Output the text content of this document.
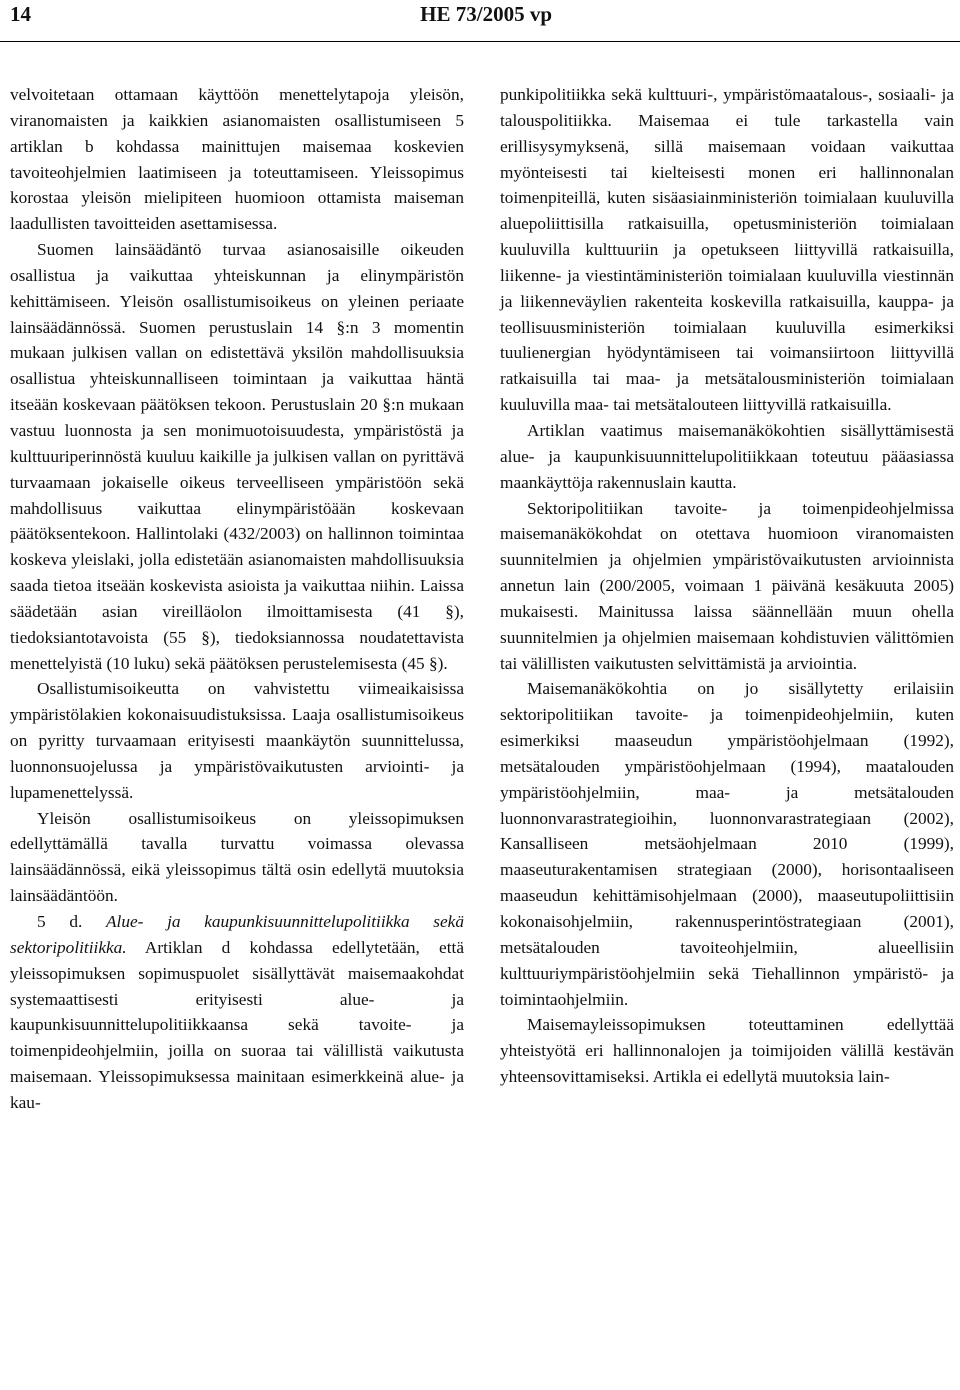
14	HE 73/2005 vp

velvoitetaan ottamaan käyttöön menettelytapoja yleisön, viranomaisten ja kaikkien asianomaisten osallistumiseen 5 artiklan b kohdassa mainittujen maisemaa koskevien tavoiteohjelmien laatimiseen ja toteuttamiseen. Yleissopimus korostaa yleisön mielipiteen huomioon ottamista maiseman laadullisten tavoitteiden asettamisessa.

Suomen lainsäädäntö turvaa asianosaisille oikeuden osallistua ja vaikuttaa yhteiskunnan ja elinympäristön kehittämiseen. Yleisön osallistumisoikeus on yleinen periaate lainsäädännössä. Suomen perustuslain 14 §:n 3 momentin mukaan julkisen vallan on edistettävä yksilön mahdollisuuksia osallistua yhteiskunnalliseen toimintaan ja vaikuttaa häntä itseään koskevaan päätöksen tekoon. Perustuslain 20 §:n mukaan vastuu luonnosta ja sen monimuotoisuudesta, ympäristöstä ja kulttuuriperinnöstä kuuluu kaikille ja julkisen vallan on pyrittävä turvaamaan jokaiselle oikeus terveelliseen ympäristöön sekä mahdollisuus vaikuttaa elinympäristöään koskevaan päätöksentekoon. Hallintolaki (432/2003) on hallinnon toimintaa koskeva yleislaki, jolla edistetään asianomaisten mahdollisuuksia saada tietoa itseään koskevista asioista ja vaikuttaa niihin. Laissa säädetään asian vireilläolon ilmoittamisesta (41 §), tiedoksiantotavoista (55 §), tiedoksiannossa noudatettavista menettelyistä (10 luku) sekä päätöksen perustelemisesta (45 §).

Osallistumisoikeutta on vahvistettu viimeaikaisissa ympäristölakien kokonaisuudistuksissa. Laaja osallistumisoikeus on pyritty turvaamaan erityisesti maankäytön suunnittelussa, luonnonsuojelussa ja ympäristövaikutusten arviointi- ja lupamenettelyssä.

Yleisön osallistumisoikeus on yleissopimuksen edellyttämällä tavalla turvattu voimassa olevassa lainsäädännössä, eikä yleissopimus tältä osin edellytä muutoksia lainsäädäntöön.

5 d. Alue- ja kaupunkisuunnittelupolitiikka sekä sektoripolitiikka. Artiklan d kohdassa edellytetään, että yleissopimuksen sopimuspuolet sisällyttävät maisemaakohdat systemaattisesti erityisesti alue- ja kaupunkisuunnittelupolitiikkaansa sekä tavoite- ja toimenpideohjelmiin, joilla on suoraa tai välillistä vaikutusta maisemaan. Yleissopimuksessa mainitaan esimerkkeinä alue- ja kau-

punkipolitiikka sekä kulttuuri-, ympäristömaatalous-, sosiaali- ja talouspolitiikka. Maisemaa ei tule tarkastella vain erillisysymyksenä, sillä maisemaan voidaan vaikuttaa myönteisesti tai kielteisesti monen eri hallinnonalan toimenpiteillä, kuten sisäasiainministeriön toimialaan kuuluvilla aluepoliittisilla ratkaisuilla, opetusministeriön toimialaan kuuluvilla kulttuuriin ja opetukseen liittyvillä ratkaisuilla, liikenne- ja viestintäministeriön toimialaan kuuluvilla viestinnän ja liikenneväylien rakenteita koskevilla ratkaisuilla, kauppa- ja teollisuusministeriön toimialaan kuuluvilla esimerkiksi tuulienergian hyödyntämiseen tai voimansiirtoon liittyvillä ratkaisuilla tai maa- ja metsätalousministeriön toimialaan kuuluvilla maa- tai metsätalouteen liittyvillä ratkaisuilla.

Artiklan vaatimus maisemanäkökohtien sisällyttämisestä alue- ja kaupunkisuunnittelupolitiikkaan toteutuu pääasiassa maankäyttöja rakennuslain kautta.

Sektoripolitiikan tavoite- ja toimenpideohjelmissa maisemanäkökohdat on otettava huomioon viranomaisten suunnitelmien ja ohjelmien ympäristövaikutusten arvioinnista annetun lain (200/2005, voimaan 1 päivänä kesäkuuta 2005) mukaisesti. Mainitussa laissa säännellään muun ohella suunnitelmien ja ohjelmien maisemaan kohdistuvien välittömien tai välillisten vaikutusten selvittämistä ja arviointia.

Maisemanäkökohtia on jo sisällytetty erilaisiin sektoripolitiikan tavoite- ja toimenpideohjelmiin, kuten esimerkiksi maaseudun ympäristöohjelmaan (1992), metsätalouden ympäristöohjelmaan (1994), maatalouden ympäristöohjelmiin, maa- ja metsätalouden luonnonvarastrategioihin, luonnonvarastrategiaan (2002), Kansalliseen metsäohjelmaan 2010 (1999), maaseuturakentamisen strategiaan (2000), horisontaaliseen maaseudun kehittämisohjelmaan (2000), maaseutupoliittisiin kokonaisohjelmiin, rakennusperintöstrategiaan (2001), metsätalouden tavoiteohjelmiin, alueellisiin kulttuuriympäristöohjelmiin sekä Tiehallinnon ympäristö- ja toimintaohjelmiin.

Maisemayleissopimuksen toteuttaminen edellyttää yhteistyötä eri hallinnonalojen ja toimijoiden välillä kestävän yhteensovittamiseksi. Artikla ei edellytä muutoksia lain-
